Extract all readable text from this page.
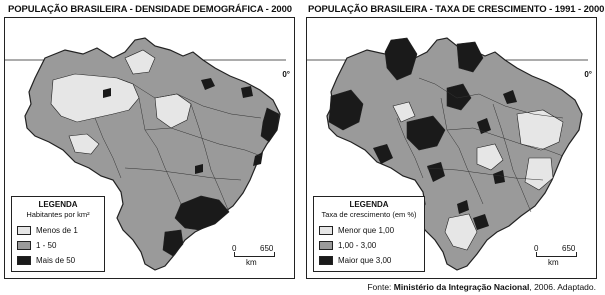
POPULAÇÃO BRASILEIRA - DENSIDADE DEMOGRÁFICA - 2000
0°
LEGENDA
Habitantes por km²
Menos de 1
1 - 50
Mais de 50
0	650
km
POPULAÇÃO BRASILEIRA - TAXA DE CRESCIMENTO - 1991 - 2000
0°
LEGENDA
Taxa de crescimento (em %)
Menor que 1,00
1,00 - 3,00
Maior que 3,00
0	650
km
Fonte: Ministério da Integração Nacional, 2006. Adaptado.
